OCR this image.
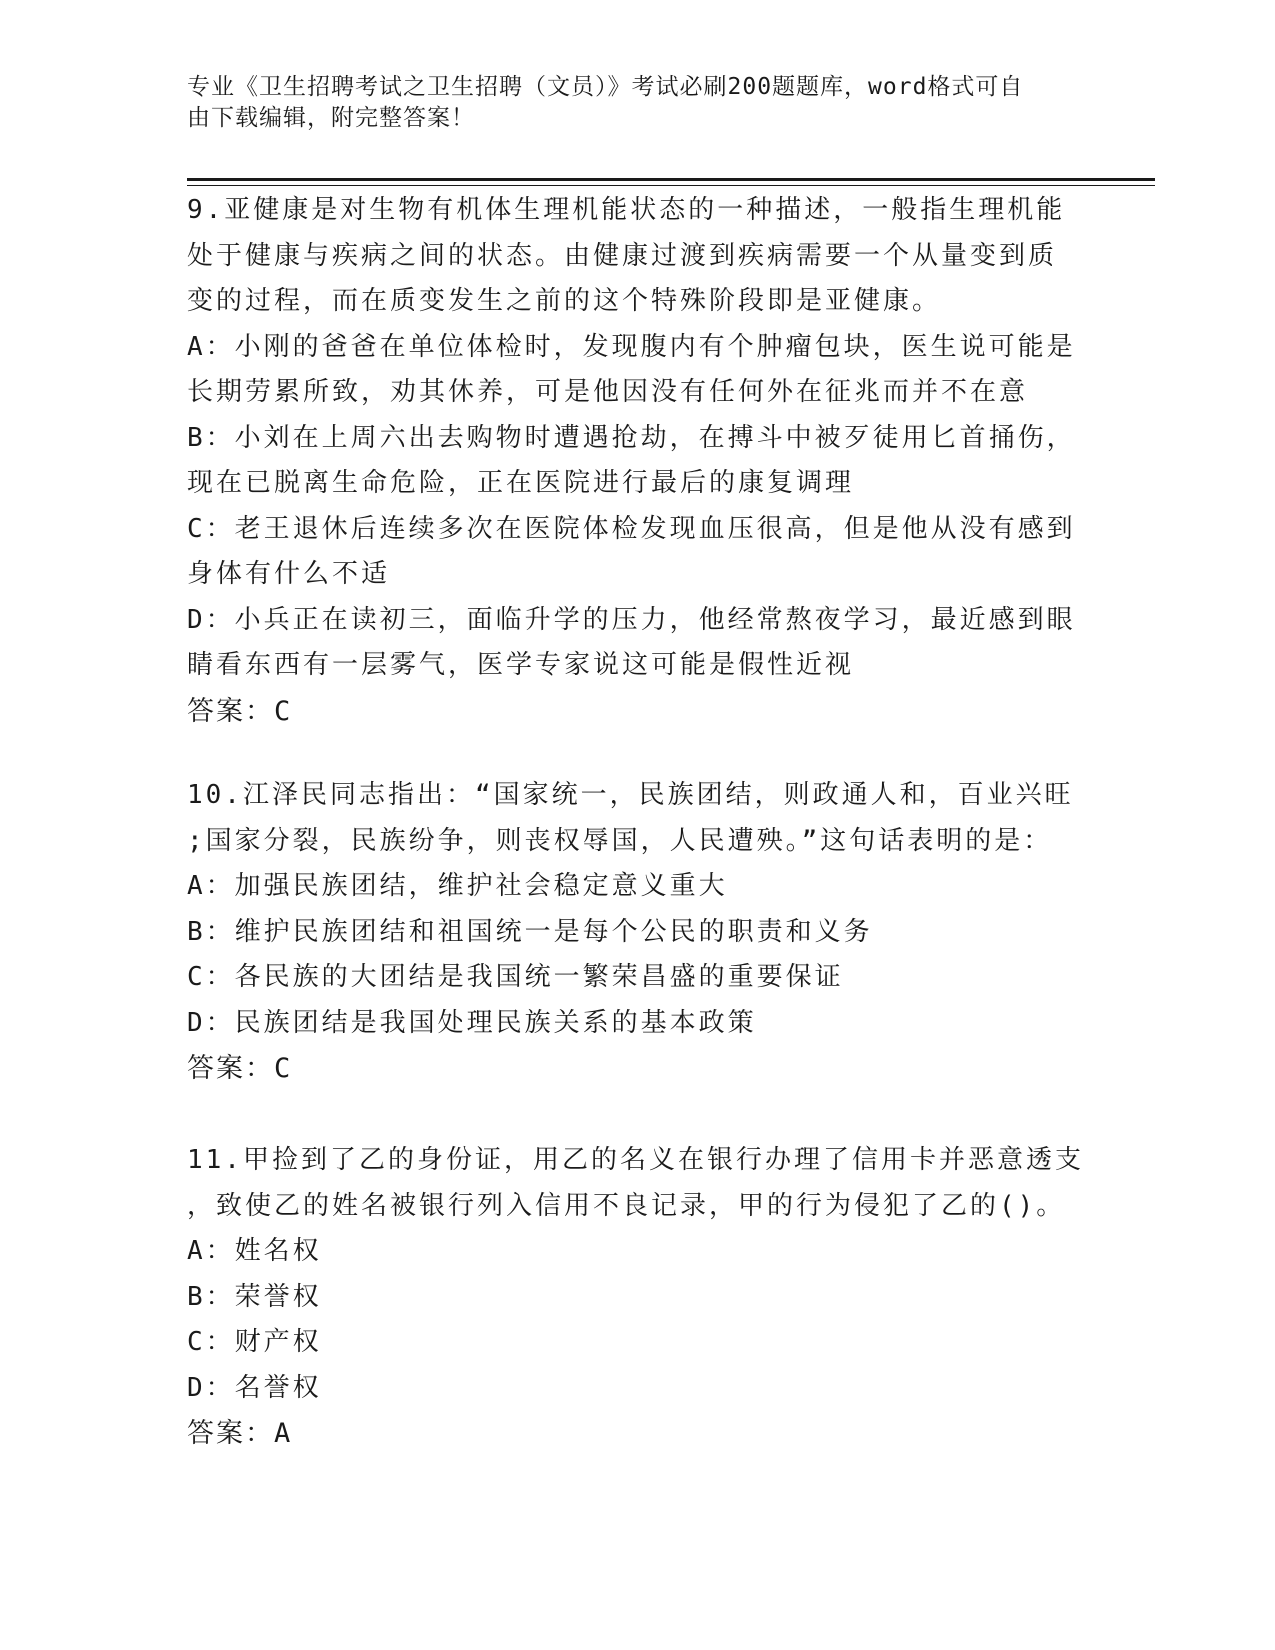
专业《卫生招聘考试之卫生招聘（文员）》考试必刷200题题库，word格式可自
由下载编辑，附完整答案！

9.亚健康是对生物有机体生理机能状态的一种描述，一般指生理机能

处于健康与疾病之间的状态。由健康过渡到疾病需要一个从量变到质

变的过程，而在质变发生之前的这个特殊阶段即是亚健康。

A：小刚的爸爸在单位体检时，发现腹内有个肿瘤包块，医生说可能是

长期劳累所致，劝其休养，可是他因没有任何外在征兆而并不在意

B：小刘在上周六出去购物时遭遇抢劫，在搏斗中被歹徒用匕首捅伤，

现在已脱离生命危险，正在医院进行最后的康复调理

C：老王退休后连续多次在医院体检发现血压很高，但是他从没有感到

身体有什么不适

D：小兵正在读初三，面临升学的压力，他经常熬夜学习，最近感到眼

睛看东西有一层雾气，医学专家说这可能是假性近视

答案：C

10.江泽民同志指出：“国家统一，民族团结，则政通人和，百业兴旺

;国家分裂，民族纷争，则丧权辱国，人民遭殃。”这句话表明的是：

A：加强民族团结，维护社会稳定意义重大

B：维护民族团结和祖国统一是每个公民的职责和义务

C：各民族的大团结是我国统一繁荣昌盛的重要保证

D：民族团结是我国处理民族关系的基本政策

答案：C

11.甲捡到了乙的身份证，用乙的名义在银行办理了信用卡并恶意透支

，致使乙的姓名被银行列入信用不良记录，甲的行为侵犯了乙的()。

A：姓名权

B：荣誉权

C：财产权

D：名誉权

答案：A
